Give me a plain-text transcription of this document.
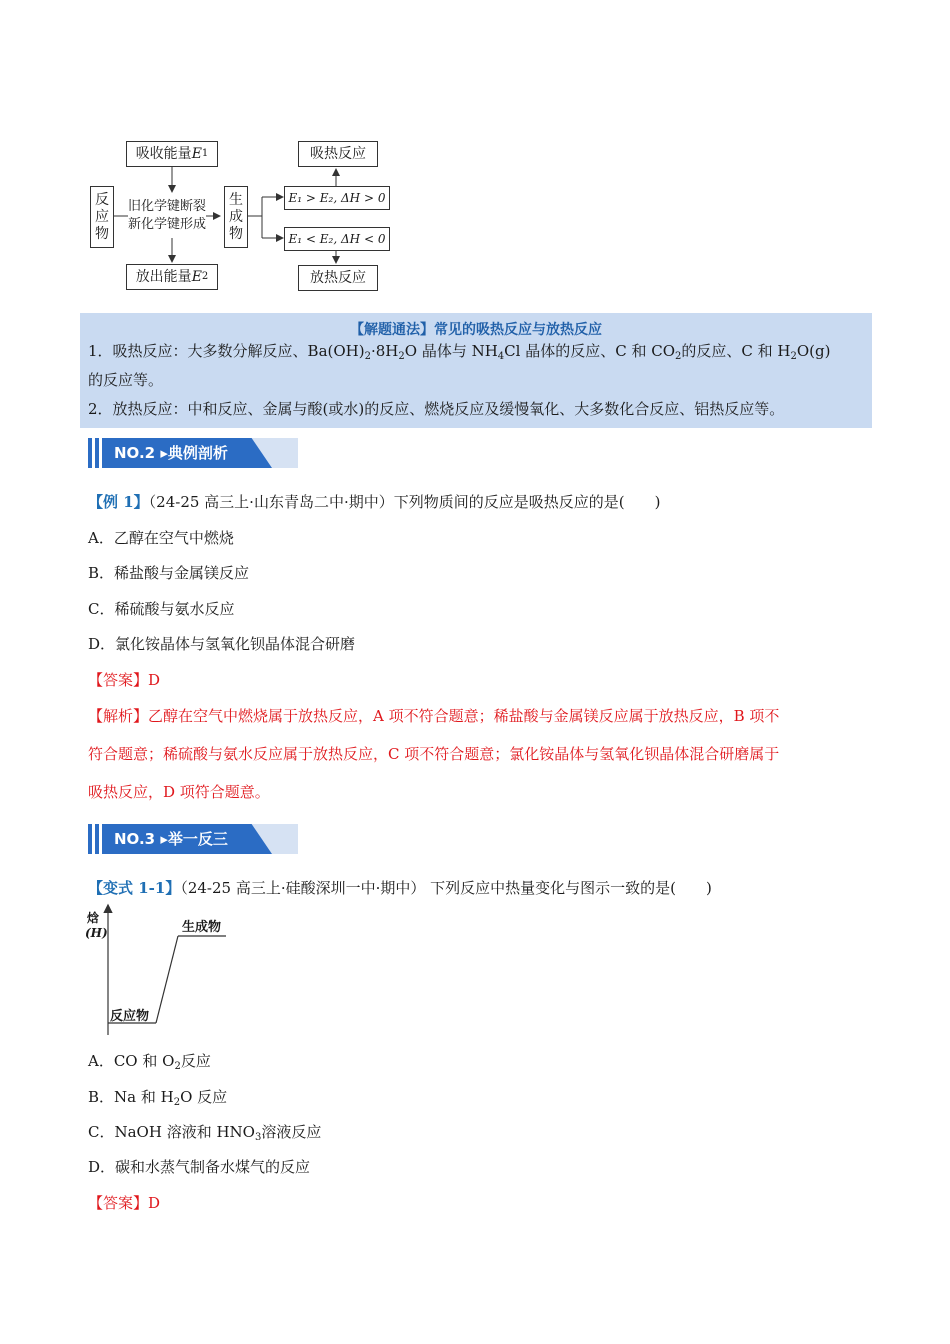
吸收能量 E 1
反
应
物
旧化学键断裂
新化学键形成
生
成
物
放出能量 E 2
吸热反应
E₁ > E₂, ΔH > 0
E₁ < E₂, ΔH < 0
放热反应
【解题通法】常见的吸热反应与放热反应
1．吸热反应：大多数分解反应、$Ba(OH)_2\cdot 8H_2O$ 晶体与 $NH_4Cl$ 晶体的反应、C 和 $CO_2$的反应、C 和 $H_2O(g)$
的反应等。
2．放热反应：中和反应、金属与酸(或水)的反应、燃烧反应及缓慢氧化、大多数化合反应、铝热反应等。
NO.2 ▸典例剖析
【例 1】（24-25 高三上·山东青岛二中·期中）下列物质间的反应是吸热反应的是(　　)
A．乙醇在空气中燃烧
B．稀盐酸与金属镁反应
C．稀硫酸与氨水反应
D．氯化铵晶体与氢氧化钡晶体混合研磨
【答案】D
【解析】乙醇在空气中燃烧属于放热反应，A 项不符合题意；稀盐酸与金属镁反应属于放热反应，B 项不
符合题意；稀硫酸与氨水反应属于放热反应，C 项不符合题意；氯化铵晶体与氢氧化钡晶体混合研磨属于
吸热反应，D 项符合题意。
NO.3 ▸举一反三
【变式 1-1】（24-25 高三上·硅酸深圳一中·期中） 下列反应中热量变化与图示一致的是(　　)
焓
(H)	生成物
反应物
A．CO 和 $O_2$反应
B．Na 和 $H_2O$ 反应
C．NaOH 溶液和 $HNO_3$溶液反应
D．碳和水蒸气制备水煤气的反应
【答案】D
